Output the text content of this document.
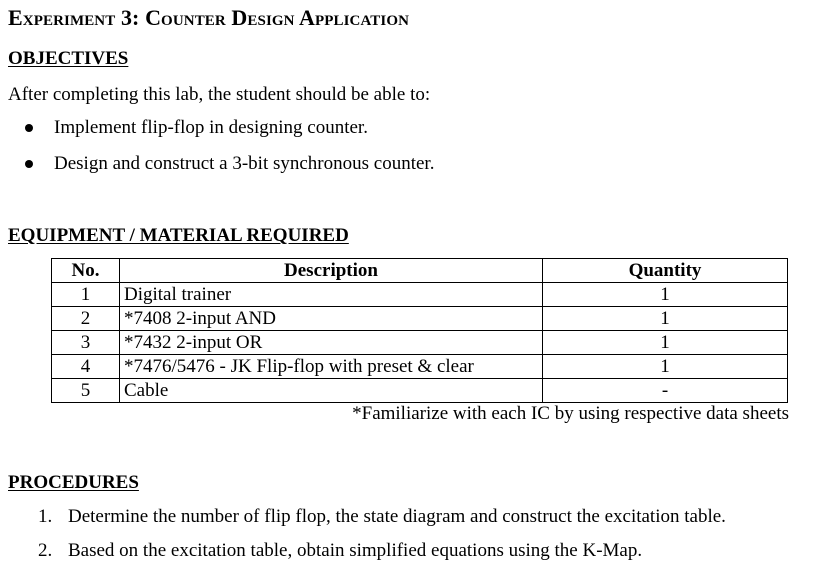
Experiment 3: Counter Design Application
OBJECTIVES
After completing this lab, the student should be able to:
Implement flip-flop in designing counter.
Design and construct a 3-bit synchronous counter.
EQUIPMENT / MATERIAL REQUIRED
No.	Description	Quantity
1	Digital trainer	1
2	*7408 2-input AND	1
3	*7432 2-input OR	1
4	*7476/5476 - JK Flip-flop with preset & clear	1
5	Cable	-
*Familiarize with each IC by using respective data sheets
PROCEDURES
1. Determine the number of flip flop, the state diagram and construct the excitation table.
2. Based on the excitation table, obtain simplified equations using the K-Map.
